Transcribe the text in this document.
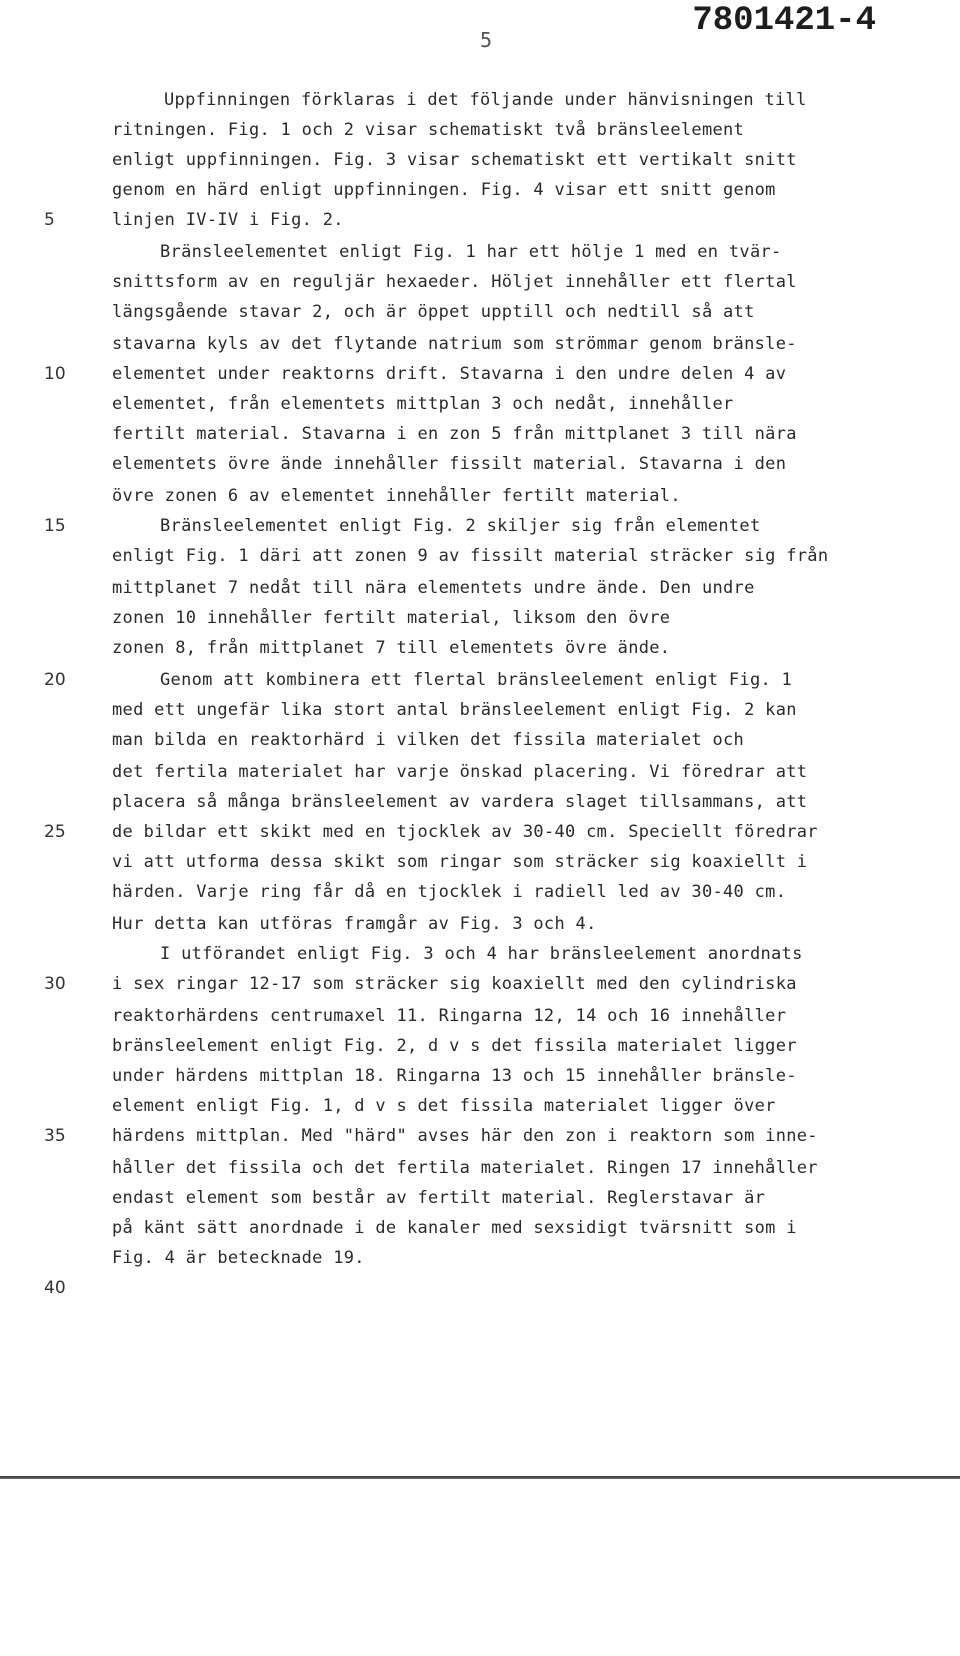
7801421-4
5
5
10
15
20
25
30
35
40
Uppfinningen förklaras i det följande under hänvisningen till
ritningen. Fig. 1 och 2 visar schematiskt två bränsleelement
enligt uppfinningen. Fig. 3 visar schematiskt ett vertikalt snitt
genom en härd enligt uppfinningen. Fig. 4 visar ett snitt genom
linjen IV-IV i Fig. 2.
Bränsleelementet enligt Fig. 1 har ett hölje 1 med en tvär-
snittsform av en reguljär hexaeder. Höljet innehåller ett flertal
längsgående stavar 2, och är öppet upptill och nedtill så att
stavarna kyls av det flytande natrium som strömmar genom bränsle-
elementet under reaktorns drift. Stavarna i den undre delen 4 av
elementet, från elementets mittplan 3 och nedåt, innehåller
fertilt material. Stavarna i en zon 5 från mittplanet 3 till nära
elementets övre ände innehåller fissilt material. Stavarna i den
övre zonen 6 av elementet innehåller fertilt material.
Bränsleelementet enligt Fig. 2 skiljer sig från elementet
enligt Fig. 1 däri att zonen 9 av fissilt material sträcker sig från
mittplanet 7 nedåt till nära elementets undre ände. Den undre
zonen 10 innehåller fertilt material, liksom den övre
zonen 8, från mittplanet 7 till elementets övre ände.
Genom att kombinera ett flertal bränsleelement enligt Fig. 1
med ett ungefär lika stort antal bränsleelement enligt Fig. 2 kan
man bilda en reaktorhärd i vilken det fissila materialet och
det fertila materialet har varje önskad placering. Vi föredrar att
placera så många bränsleelement av vardera slaget tillsammans, att
de bildar ett skikt med en tjocklek av 30-40 cm. Speciellt föredrar
vi att utforma dessa skikt som ringar som sträcker sig koaxiellt i
härden. Varje ring får då en tjocklek i radiell led av 30-40 cm.
Hur detta kan utföras framgår av Fig. 3 och 4.
I utförandet enligt Fig. 3 och 4 har bränsleelement anordnats
i sex ringar 12-17 som sträcker sig koaxiellt med den cylindriska
reaktorhärdens centrumaxel 11. Ringarna 12, 14 och 16 innehåller
bränsleelement enligt Fig. 2, d v s det fissila materialet ligger
under härdens mittplan 18. Ringarna 13 och 15 innehåller bränsle-
element enligt Fig. 1, d v s det fissila materialet ligger över
härdens mittplan. Med "härd" avses här den zon i reaktorn som inne-
håller det fissila och det fertila materialet. Ringen 17 innehåller
endast element som består av fertilt material. Reglerstavar är
på känt sätt anordnade i de kanaler med sexsidigt tvärsnitt som i
Fig. 4 är betecknade 19.
